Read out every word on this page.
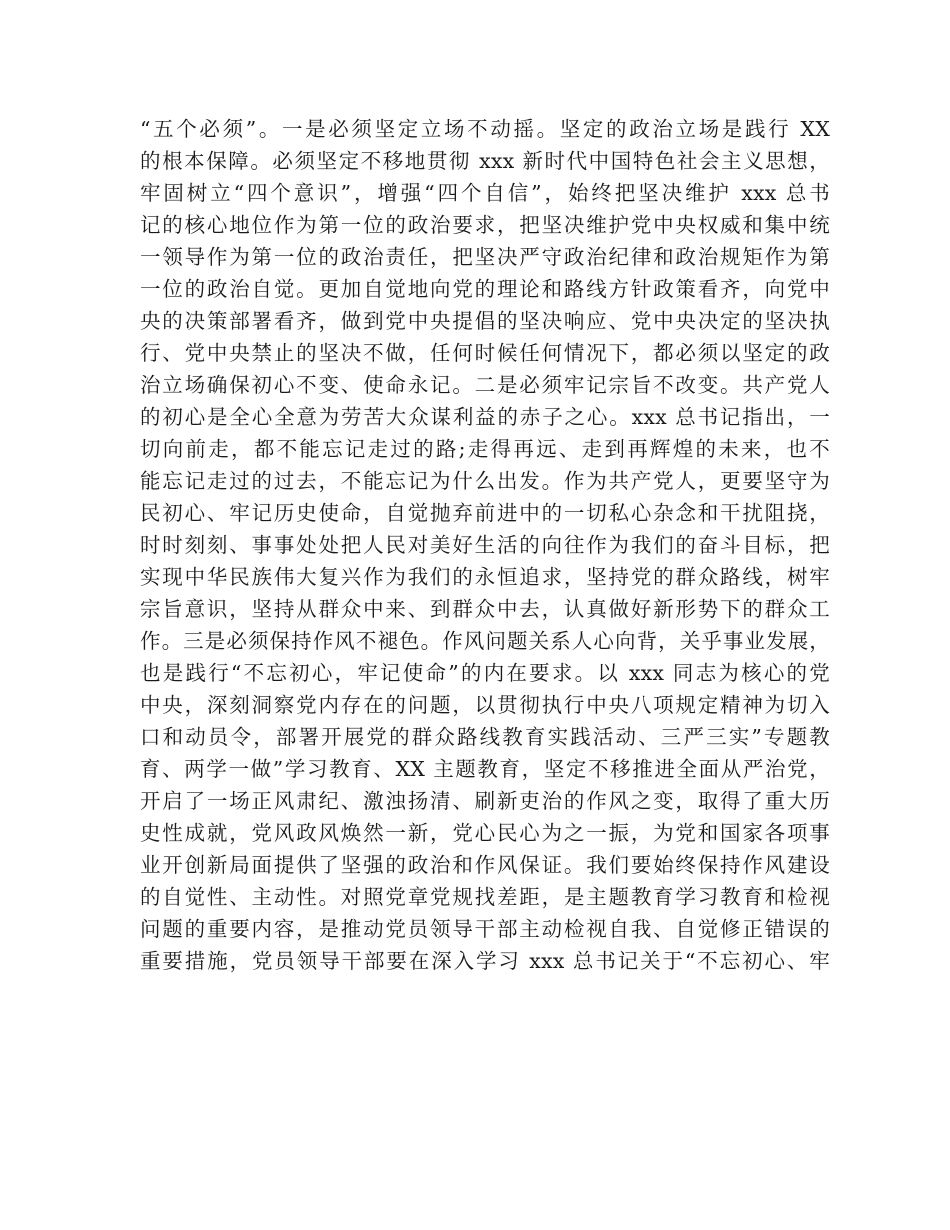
“五个必须”。一是必须坚定立场不动摇。坚定的政治立场是践行 XX
的根本保障。必须坚定不移地贯彻 xxx 新时代中国特色社会主义思想，
牢固树立“四个意识”，增强“四个自信”，始终把坚决维护 xxx 总书
记的核心地位作为第一位的政治要求，把坚决维护党中央权威和集中统
一领导作为第一位的政治责任，把坚决严守政治纪律和政治规矩作为第
一位的政治自觉。更加自觉地向党的理论和路线方针政策看齐，向党中
央的决策部署看齐，做到党中央提倡的坚决响应、党中央决定的坚决执
行、党中央禁止的坚决不做，任何时候任何情况下，都必须以坚定的政
治立场确保初心不变、使命永记。二是必须牢记宗旨不改变。共产党人
的初心是全心全意为劳苦大众谋利益的赤子之心。xxx 总书记指出，一
切向前走，都不能忘记走过的路;走得再远、走到再辉煌的未来，也不
能忘记走过的过去，不能忘记为什么出发。作为共产党人，更要坚守为
民初心、牢记历史使命，自觉抛弃前进中的一切私心杂念和干扰阻挠，
时时刻刻、事事处处把人民对美好生活的向往作为我们的奋斗目标，把
实现中华民族伟大复兴作为我们的永恒追求，坚持党的群众路线，树牢
宗旨意识，坚持从群众中来、到群众中去，认真做好新形势下的群众工
作。三是必须保持作风不褪色。作风问题关系人心向背，关乎事业发展，
也是践行“不忘初心，牢记使命”的内在要求。以 xxx 同志为核心的党
中央，深刻洞察党内存在的问题，以贯彻执行中央八项规定精神为切入
口和动员令，部署开展党的群众路线教育实践活动、三严三实”专题教
育、两学一做”学习教育、XX 主题教育，坚定不移推进全面从严治党，
开启了一场正风肃纪、激浊扬清、刷新吏治的作风之变，取得了重大历
史性成就，党风政风焕然一新，党心民心为之一振，为党和国家各项事
业开创新局面提供了坚强的政治和作风保证。我们要始终保持作风建设
的自觉性、主动性。对照党章党规找差距，是主题教育学习教育和检视
问题的重要内容，是推动党员领导干部主动检视自我、自觉修正错误的
重要措施，党员领导干部要在深入学习 xxx 总书记关于“不忘初心、牢
